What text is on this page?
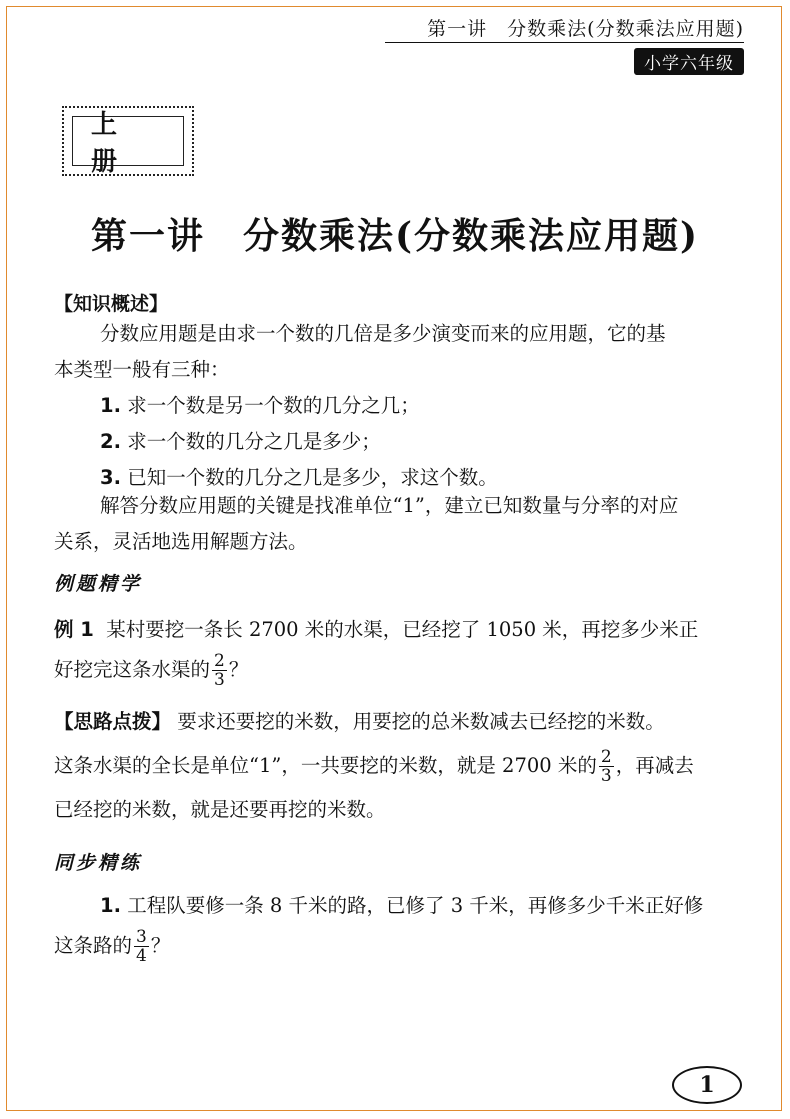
第一讲　分数乘法(分数乘法应用题)
小学六年级
上　册
第一讲　分数乘法(分数乘法应用题)
【知识概述】
分数应用题是由求一个数的几倍是多少演变而来的应用题，它的基
本类型一般有三种：
1. 求一个数是另一个数的几分之几；
2. 求一个数的几分之几是多少；
3. 已知一个数的几分之几是多少，求这个数。
解答分数应用题的关键是找准单位“1”，建立已知数量与分率的对应
关系，灵活地选用解题方法。
例题精学
例 1 某村要挖一条长 2700 米的水渠，已经挖了 1050 米，再挖多少米正
好挖完这条水渠的 $\frac{2}{3}$ ？
【思路点拨】 要求还要挖的米数，用要挖的总米数减去已经挖的米数。
这条水渠的全长是单位“1”，一共要挖的米数，就是 2700 米的 $\frac{2}{3}$ ，再减去
已经挖的米数，就是还要再挖的米数。
同步精练
1. 工程队要修一条 8 千米的路，已修了 3 千米，再修多少千米正好修
这条路的 $\frac{3}{4}$ ？
1
